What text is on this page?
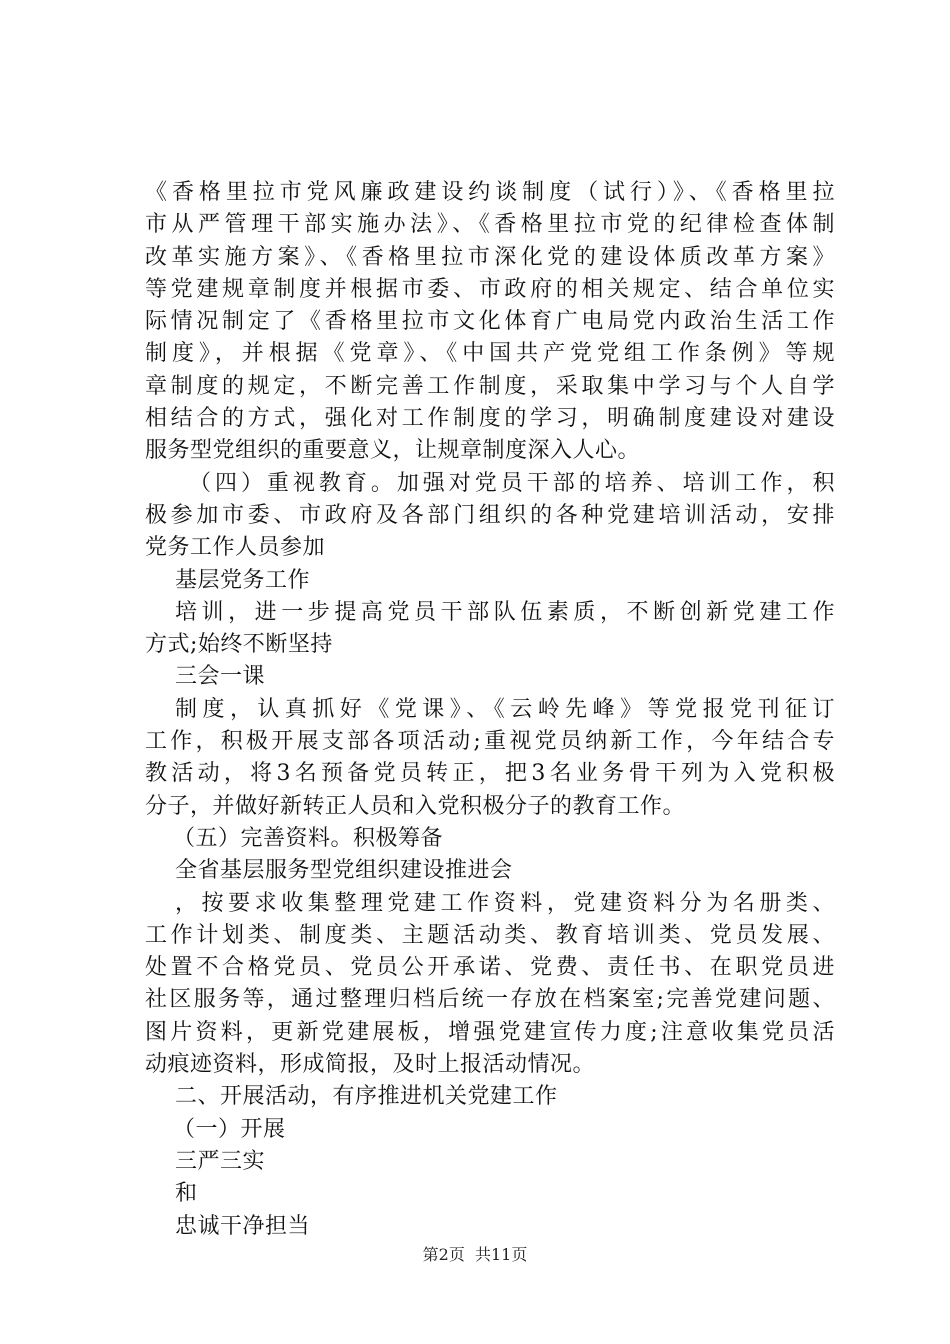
《香格里拉市党风廉政建设约谈制度（试行）》、《香格里拉
市从严管理干部实施办法》、《香格里拉市党的纪律检查体制
改革实施方案》、《香格里拉市深化党的建设体质改革方案》
等党建规章制度并根据市委、市政府的相关规定、结合单位实
际情况制定了《香格里拉市文化体育广电局党内政治生活工作
制度》，并根据《党章》、《中国共产党党组工作条例》等规
章制度的规定，不断完善工作制度，采取集中学习与个人自学
相结合的方式，强化对工作制度的学习，明确制度建设对建设
服务型党组织的重要意义，让规章制度深入人心。
（四）重视教育。加强对党员干部的培养、培训工作，积
极参加市委、市政府及各部门组织的各种党建培训活动，安排
党务工作人员参加
基层党务工作
培训，进一步提高党员干部队伍素质，不断创新党建工作
方式;始终不断坚持
三会一课
制度，认真抓好《党课》、《云岭先峰》等党报党刊征订
工作，积极开展支部各项活动;重视党员纳新工作，今年结合专
教活动，将3名预备党员转正，把3名业务骨干列为入党积极
分子，并做好新转正人员和入党积极分子的教育工作。
（五）完善资料。积极筹备
全省基层服务型党组织建设推进会
，按要求收集整理党建工作资料，党建资料分为名册类、
工作计划类、制度类、主题活动类、教育培训类、党员发展、
处置不合格党员、党员公开承诺、党费、责任书、在职党员进
社区服务等，通过整理归档后统一存放在档案室;完善党建问题、
图片资料，更新党建展板，增强党建宣传力度;注意收集党员活
动痕迹资料，形成简报，及时上报活动情况。
二、开展活动，有序推进机关党建工作
（一）开展
三严三实
和
忠诚干净担当
第2页  共11页
